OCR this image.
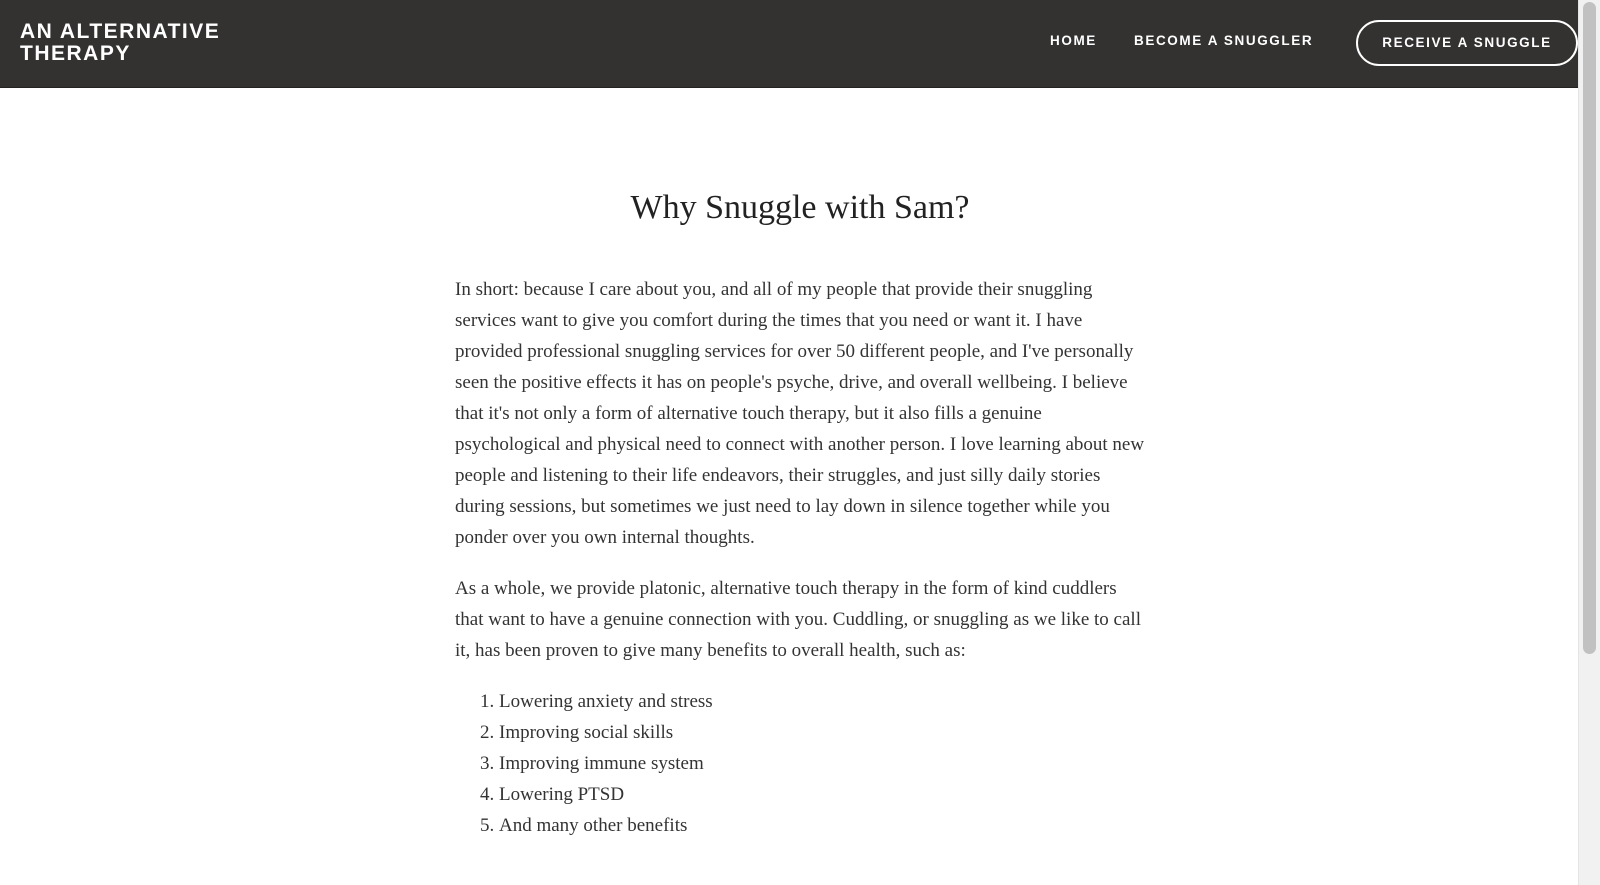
AN ALTERNATIVE THERAPY
HOME	BECOME A SNUGGLER	RECEIVE A SNUGGLE
Why Snuggle with Sam?

In short: because I care about you, and all of my people that provide their snuggling services want to give you comfort during the times that you need or want it. I have provided professional snuggling services for over 50 different people, and I've personally seen the positive effects it has on people's psyche, drive, and overall wellbeing. I believe that it's not only a form of alternative touch therapy, but it also fills a genuine psychological and physical need to connect with another person. I love learning about new people and listening to their life endeavors, their struggles, and just silly daily stories during sessions, but sometimes we just need to lay down in silence together while you ponder over you own internal thoughts.

As a whole, we provide platonic, alternative touch therapy in the form of kind cuddlers that want to have a genuine connection with you. Cuddling, or snuggling as we like to call it, has been proven to give many benefits to overall health, such as:

1. Lowering anxiety and stress
2. Improving social skills
3. Improving immune system
4. Lowering PTSD
5. And many other benefits
